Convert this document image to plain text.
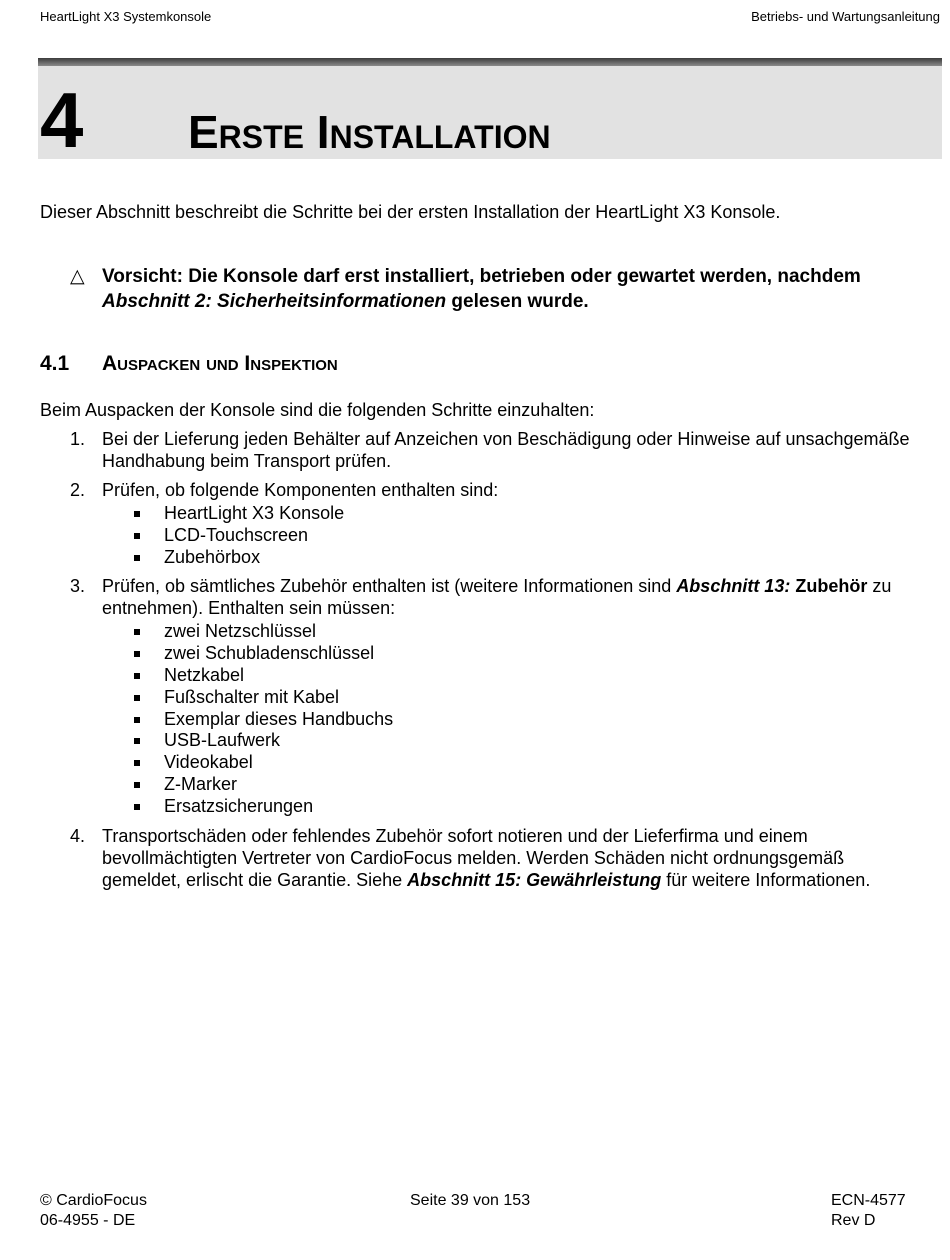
HeartLight X3 Systemkonsole	Betriebs- und Wartungsanleitung
4 Erste Installation
Dieser Abschnitt beschreibt die Schritte bei der ersten Installation der HeartLight X3 Konsole.
△ Vorsicht: Die Konsole darf erst installiert, betrieben oder gewartet werden, nachdem Abschnitt 2: Sicherheitsinformationen gelesen wurde.
4.1 Auspacken und Inspektion
Beim Auspacken der Konsole sind die folgenden Schritte einzuhalten:
1. Bei der Lieferung jeden Behälter auf Anzeichen von Beschädigung oder Hinweise auf unsachgemäße Handhabung beim Transport prüfen.
2. Prüfen, ob folgende Komponenten enthalten sind:
HeartLight X3 Konsole
LCD-Touchscreen
Zubehörbox
3. Prüfen, ob sämtliches Zubehör enthalten ist (weitere Informationen sind Abschnitt 13: Zubehör zu entnehmen). Enthalten sein müssen:
zwei Netzschlüssel
zwei Schubladenschlüssel
Netzkabel
Fußschalter mit Kabel
Exemplar dieses Handbuchs
USB-Laufwerk
Videokabel
Z-Marker
Ersatzsicherungen
4. Transportschäden oder fehlendes Zubehör sofort notieren und der Lieferfirma und einem bevollmächtigten Vertreter von CardioFocus melden. Werden Schäden nicht ordnungsgemäß gemeldet, erlischt die Garantie. Siehe Abschnitt 15: Gewährleistung für weitere Informationen.
© CardioFocus
06-4955 - DE
Seite 39 von 153	ECN-4577
Rev D
